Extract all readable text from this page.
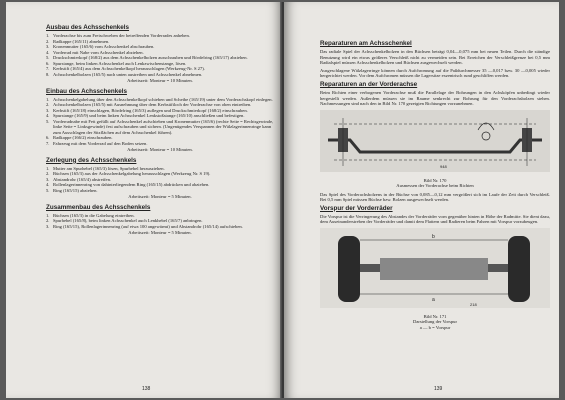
Ausbau des Achsschenkels
1. Vorderachse bis zum Freischweben der betreffenden Vorderrades anheben.
2. Radkappe (165/11) abnehmen.
3. Kronenmutter (165/6) vom Achsschenkel abschrauben.
4. Vorderrad mit Nabe vom Achsschenkel abziehen.
5. Druckschmierkopf (168/2) aus dem Achsschenkelbolzen ausschrauben und Bördelring (165/17) abziehen.
6. Spurstange, beim linken Achsschenkel auch Lenkzwischenstange, lösen.
7. Kerbstift (165/4) aus dem Achsschenkelkopf herausschlagen (Werkzeug-Nr. S 27).
8. Achsschenkelbolzen (165/5) nach unten austreiben und Achsschenkel abnehmen.
Arbeitszeit: Monteur = 10 Minuten.
Einbau des Achsschenkels
1. Achsschenkelgabelung über den Achsschenkelkopf schieben und Scheibe (165/19) unter dem Vorderachskopf einlegen.
2. Achsschenkelbolzen (165/5) mit Ausnehmung über dem Kerbstiftloch der Vorderachse von oben eintreiben.
3. Kerbstift (165/18) einschlagen, Bördelring (165/3) auflegen und Druckschmierkopf (168/2) einschrauben.
4. Spurstange (165/9) und beim linken Achsschenkel Lenkstoßstange (165/10) anschließen und befestigen.
5. Vorderradnabe mit Fett gefüllt auf Achsschenkel aufschieben und Kronenmutter (165/6) (rechte Seite = Rechtsgewinde, linke Seite = Linksgewinde) fest aufschrauben und sichern. (Ungenügendes Verspannen der Wälzlagerinnenringe kann zum Ausschlagen der Sitzflächen auf dem Achsschenkel führen).
6. Radkappe (166/2) einschrauben.
7. Fahrzeug mit dem Vorderrad auf den Boden setzen.
Arbeitszeit: Monteur = 10 Minuten.
Zerlegung des Achsschenkels
1. Mutter am Spurhebel (165/3) lösen, Spurhebel herausziehen.
2. Büchsen (165/3) aus der Achsschenkelgabelung herausschlagen (Werkzeug Nr. S 19).
3. Abstandrohr (165/4) abstreifen.
4. Rollenlagerinnenring von dahinterliegendem Ring (165/15) abdrücken und abziehen.
5. Ring (165/15) abziehen.
Arbeitszeit: Monteur = 5 Minuten.
Zusammenbau des Achsschenkels
1. Büchsen (165/3) in die Gabelung eintreiben.
2. Spurhebel (165/8), beim linken Achsschenkel auch Lenkhebel (165/7) anbringen.
3. Ring (165/15), Rollenlagerinnenring (auf etwa 100 angewärmt) und Abstandrohr (165/14) aufschieben.
Arbeitszeit: Monteur = 5 Minuten.
138
Reparaturen am Achsschenkel

Das radiale Spiel der Achsschenkelbolzen in den Büchsen beträgt 0,04—0,075 mm bei neuen Teilen. Durch die ständige Benutzung wird ein etwas größeres Verschleiß nicht zu vermeiden sein. Bei Erreichen der Verschleißgrenze bei 0,5 mm Radialspiel müssen Achsschenkelbolzen und Büchsen ausgewechselt werden.

Ausgeschlagene Wälzlagerringe können durch Aufchromung auf die Paßdurchmesser 35 —0,017 bzw. 30 —0,005 wieder hergerichtet werden. Vor dem Aufchromen müssen die Lagersitze exzentrisch rund geschliffen werden.

Reparaturen an der Vorderachse

Beim Richten einer verbogenen Vorderachse muß die Parallelage der Bohrungen in den Achsköpfen unbedingt wieder hergestellt werden. Außerdem müssen sie im Raume senkrecht zur Bohrung für den Vorderachsbolzen stehen. Nachmessungen sind nach den in Bild Nr. 170 gezeigten Richtungen vorzunehmen.

948
Bild Nr. 170
Ausmessen der Vorderachse beim Richten

Das Spiel des Vorderachsbolzens in der Büchse von 0,085—0,12 mm vergrößert sich im Laufe der Zeit durch Verschleiß. Bei 0,5 mm Spiel müssen Büchse bzw. Bolzen ausgewechselt werden.

Vorspur der Vorderräder

Die Vorspur ist die Verringerung des Abstandes der Vorderräder vorn gegenüber hinten in Höhe der Radmitte. Sie dient dazu, dem Auseinanderstreben der Vorderräder und damit dem Flattern und Radieren beim Fahren mit Vorspur vorzubeugen.

b
a
218
Bild Nr. 171
Darstellung der Vorspur
a — b = Vorspur
139
